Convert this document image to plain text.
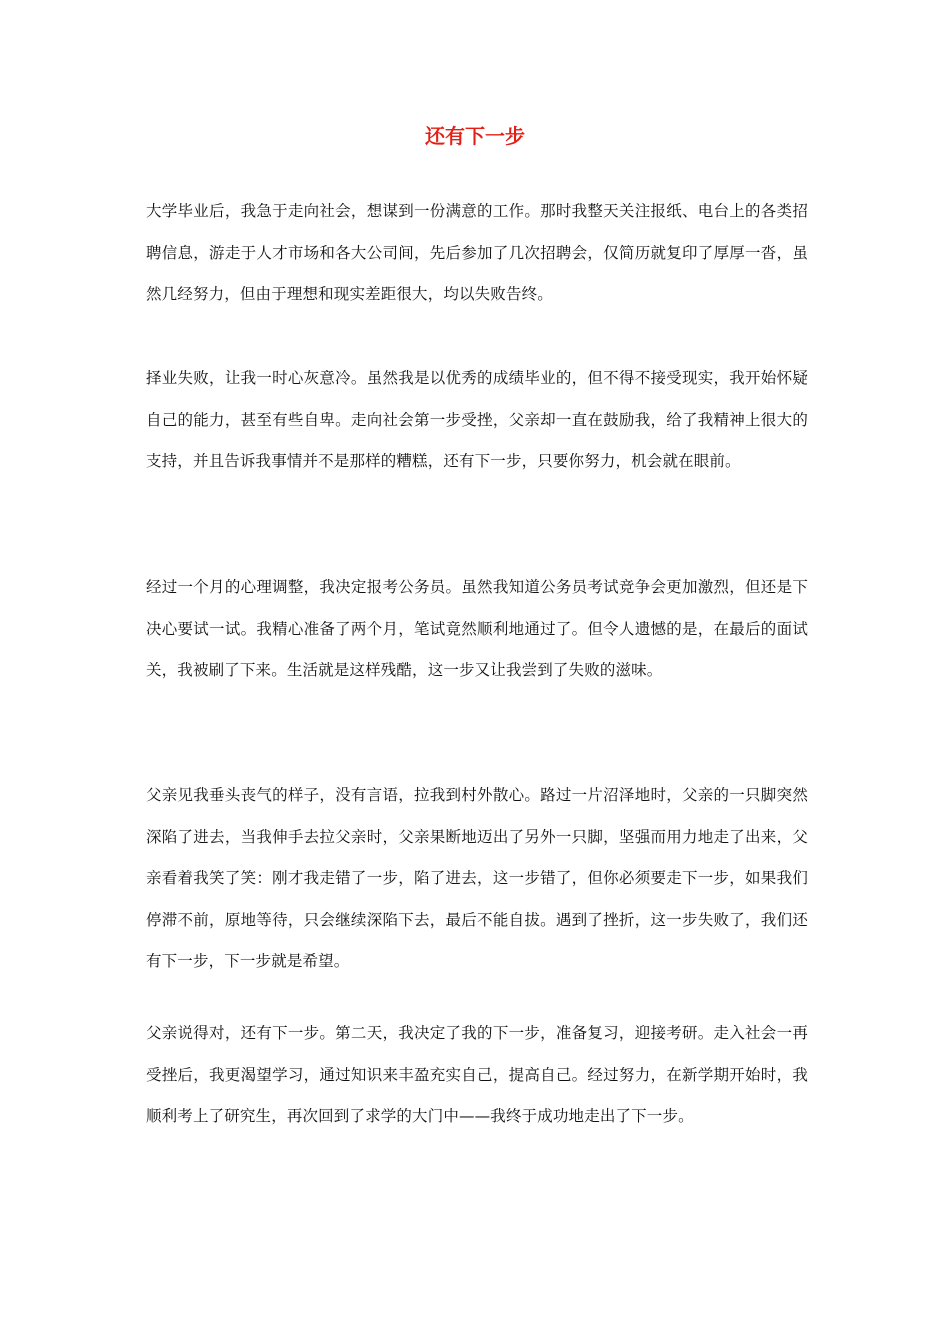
还有下一步

大学毕业后，我急于走向社会，想谋到一份满意的工作。那时我整天关注报纸、电台上的各类招聘信息，游走于人才市场和各大公司间，先后参加了几次招聘会，仅简历就复印了厚厚一沓，虽然几经努力，但由于理想和现实差距很大，均以失败告终。

择业失败，让我一时心灰意冷。虽然我是以优秀的成绩毕业的，但不得不接受现实，我开始怀疑自己的能力，甚至有些自卑。走向社会第一步受挫，父亲却一直在鼓励我，给了我精神上很大的支持，并且告诉我事情并不是那样的糟糕，还有下一步，只要你努力，机会就在眼前。

经过一个月的心理调整，我决定报考公务员。虽然我知道公务员考试竞争会更加激烈，但还是下决心要试一试。我精心准备了两个月，笔试竟然顺利地通过了。但令人遗憾的是，在最后的面试关，我被刷了下来。生活就是这样残酷，这一步又让我尝到了失败的滋味。

父亲见我垂头丧气的样子，没有言语，拉我到村外散心。路过一片沼泽地时，父亲的一只脚突然深陷了进去，当我伸手去拉父亲时，父亲果断地迈出了另外一只脚，坚强而用力地走了出来，父亲看着我笑了笑：刚才我走错了一步，陷了进去，这一步错了，但你必须要走下一步，如果我们停滞不前，原地等待，只会继续深陷下去，最后不能自拔。遇到了挫折，这一步失败了，我们还有下一步，下一步就是希望。

父亲说得对，还有下一步。第二天，我决定了我的下一步，准备复习，迎接考研。走入社会一再受挫后，我更渴望学习，通过知识来丰盈充实自己，提高自己。经过努力，在新学期开始时，我顺利考上了研究生，再次回到了求学的大门中——我终于成功地走出了下一步。
